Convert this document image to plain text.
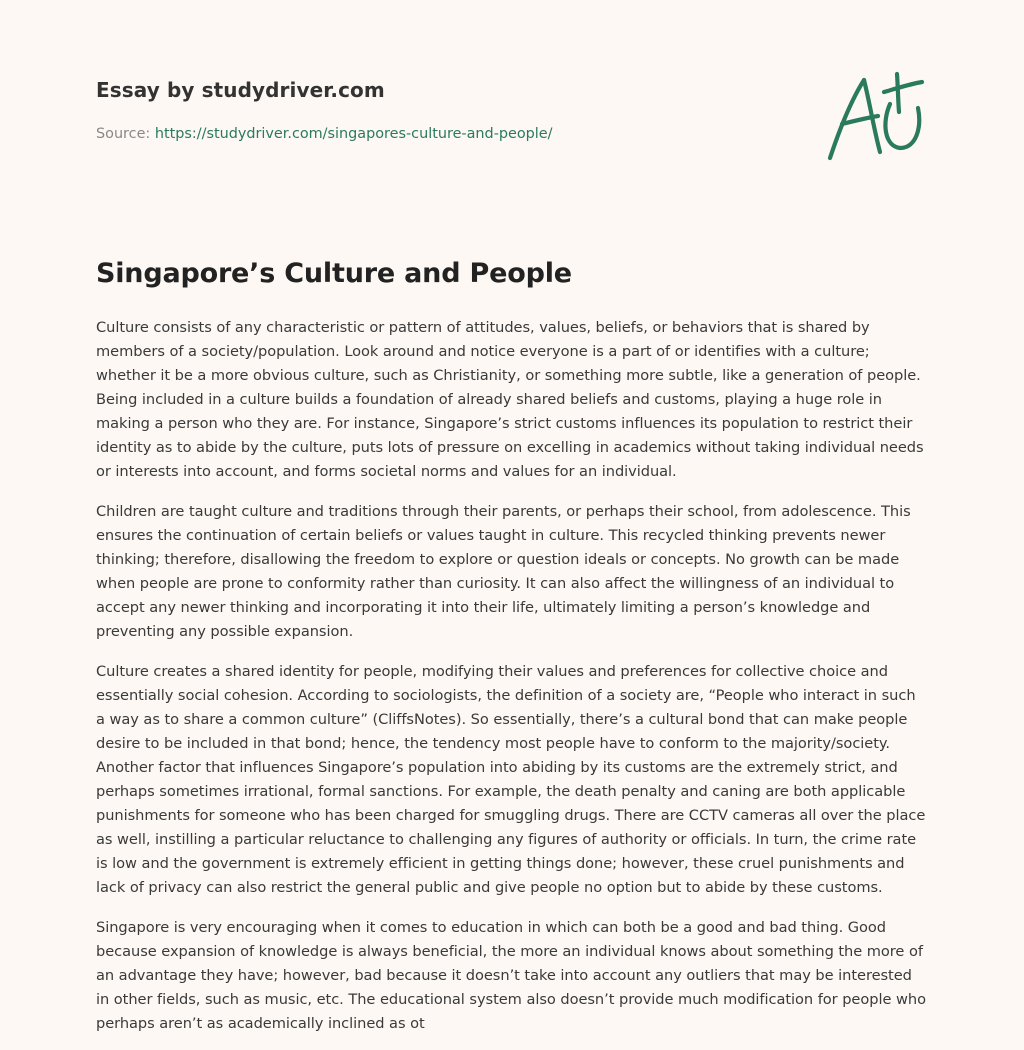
Essay by studydriver.com
Source: https://studydriver.com/singapores-culture-and-people/
Singapore’s Culture and People

Culture consists of any characteristic or pattern of attitudes, values, beliefs, or behaviors that is shared by members of a society/population. Look around and notice everyone is a part of or identifies with a culture; whether it be a more obvious culture, such as Christianity, or something more subtle, like a generation of people. Being included in a culture builds a foundation of already shared beliefs and customs, playing a huge role in making a person who they are. For instance, Singapore’s strict customs influences its population to restrict their identity as to abide by the culture, puts lots of pressure on excelling in academics without taking individual needs or interests into account, and forms societal norms and values for an individual.

Children are taught culture and traditions through their parents, or perhaps their school, from adolescence. This ensures the continuation of certain beliefs or values taught in culture. This recycled thinking prevents newer thinking; therefore, disallowing the freedom to explore or question ideals or concepts. No growth can be made when people are prone to conformity rather than curiosity. It can also affect the willingness of an individual to accept any newer thinking and incorporating it into their life, ultimately limiting a person’s knowledge and preventing any possible expansion.

Culture creates a shared identity for people, modifying their values and preferences for collective choice and essentially social cohesion. According to sociologists, the definition of a society are, “People who interact in such a way as to share a common culture” (CliffsNotes). So essentially, there’s a cultural bond that can make people desire to be included in that bond; hence, the tendency most people have to conform to the majority/society. Another factor that influences Singapore’s population into abiding by its customs are the extremely strict, and perhaps sometimes irrational, formal sanctions. For example, the death penalty and caning are both applicable punishments for someone who has been charged for smuggling drugs. There are CCTV cameras all over the place as well, instilling a particular reluctance to challenging any figures of authority or officials. In turn, the crime rate is low and the government is extremely efficient in getting things done; however, these cruel punishments and lack of privacy can also restrict the general public and give people no option but to abide by these customs.

Singapore is very encouraging when it comes to education in which can both be a good and bad thing. Good because expansion of knowledge is always beneficial, the more an individual knows about something the more of an advantage they have; however, bad because it doesn’t take into account any outliers that may be interested in other fields, such as music, etc. The educational system also doesn’t provide much modification for people who perhaps aren’t as academically inclined as ot
